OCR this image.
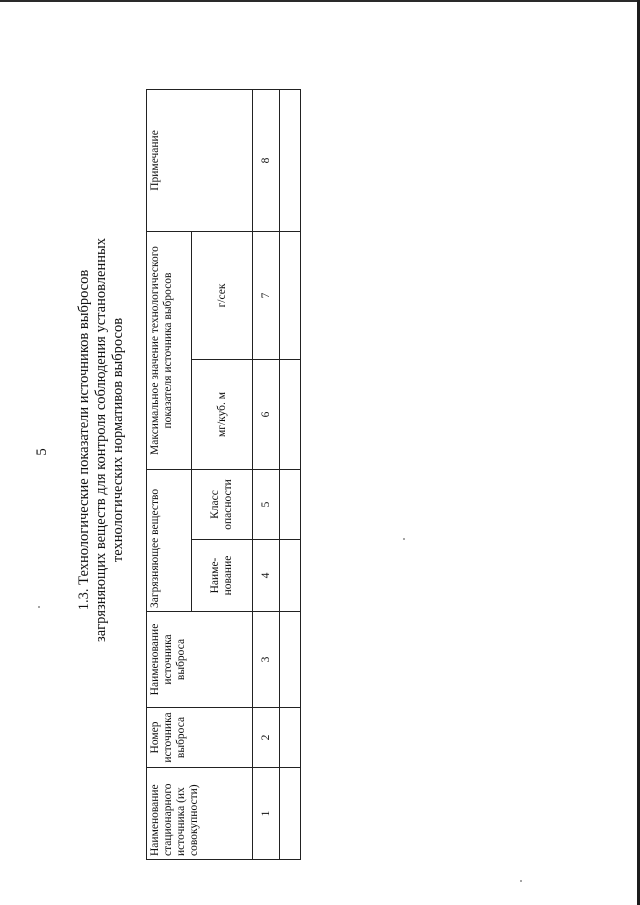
5 1.3. Технологические показатели источников выбросов загрязняющих веществ для контроля соблюдения установленных технологических нормативов выбросов
Наименование стационарного источника (их совокупности)	Номер источника выброса	Наименование источника выброса	Загрязняющее вещество		Максимальное значение технологического показателя источника выбросов		Примечание
			Наиме-нование	Класс опасности	мг/куб. м	г/сек	
1	2	3	4	5	6	7	8
